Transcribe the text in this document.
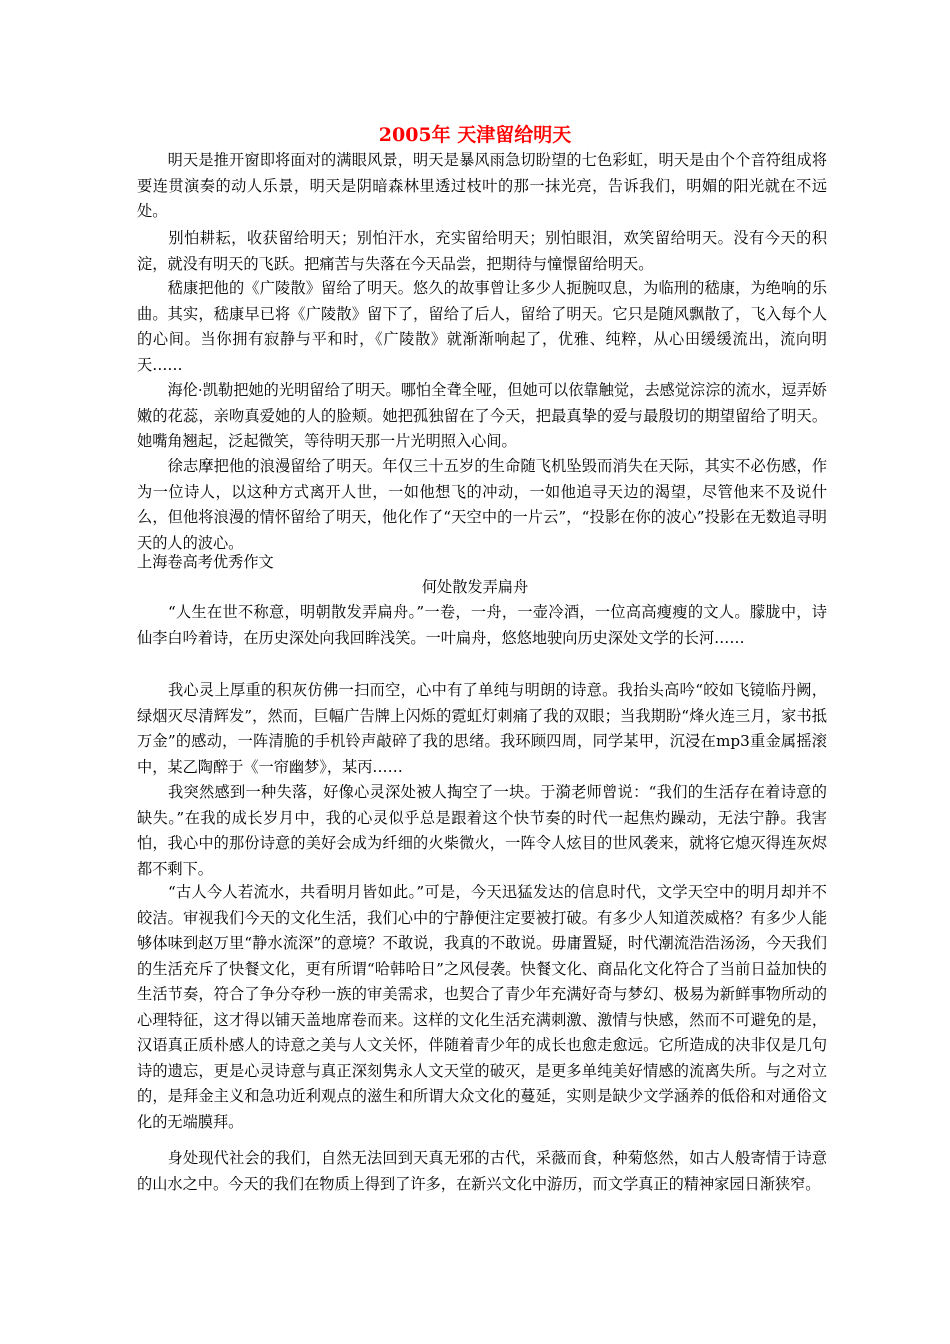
2005年 天津留给明天

　　明天是推开窗即将面对的满眼风景，明天是暴风雨急切盼望的七色彩虹，明天是由个个音符组成将要连贯演奏的动人乐景，明天是阴暗森林里透过枝叶的那一抹光亮，告诉我们，明媚的阳光就在不远处。

　　别怕耕耘，收获留给明天；别怕汗水，充实留给明天；别怕眼泪，欢笑留给明天。没有今天的积淀，就没有明天的飞跃。把痛苦与失落在今天品尝，把期待与憧憬留给明天。

　　嵇康把他的《广陵散》留给了明天。悠久的故事曾让多少人扼腕叹息，为临刑的嵇康，为绝响的乐曲。其实，嵇康早已将《广陵散》留下了，留给了后人，留给了明天。它只是随风飘散了，飞入每个人的心间。当你拥有寂静与平和时，《广陵散》就渐渐响起了，优雅、纯粹，从心田缓缓流出，流向明天……

　　海伦·凯勒把她的光明留给了明天。哪怕全聋全哑，但她可以依靠触觉，去感觉淙淙的流水，逗弄娇嫩的花蕊，亲吻真爱她的人的脸颊。她把孤独留在了今天，把最真挚的爱与最殷切的期望留给了明天。她嘴角翘起，泛起微笑，等待明天那一片光明照入心间。

　　徐志摩把他的浪漫留给了明天。年仅三十五岁的生命随飞机坠毁而消失在天际，其实不必伤感，作为一位诗人，以这种方式离开人世，一如他想飞的冲动，一如他追寻天边的渴望，尽管他来不及说什么，但他将浪漫的情怀留给了明天，他化作了“天空中的一片云”，“投影在你的波心”投影在无数追寻明天的人的波心。

上海卷高考优秀作文

何处散发弄扁舟

　　“人生在世不称意，明朝散发弄扁舟。”一卷，一舟，一壶冷酒，一位高高瘦瘦的文人。朦胧中，诗仙李白吟着诗，在历史深处向我回眸浅笑。一叶扁舟，悠悠地驶向历史深处文学的长河……

　　我心灵上厚重的积灰仿佛一扫而空，心中有了单纯与明朗的诗意。我抬头高吟“皎如飞镜临丹阙，绿烟灭尽清辉发”，然而，巨幅广告牌上闪烁的霓虹灯刺痛了我的双眼；当我期盼“烽火连三月，家书抵万金”的感动，一阵清脆的手机铃声敲碎了我的思绪。我环顾四周，同学某甲，沉浸在mp3重金属摇滚中，某乙陶醉于《一帘幽梦》，某丙……

　　我突然感到一种失落，好像心灵深处被人掏空了一块。于漪老师曾说：“我们的生活存在着诗意的缺失。”在我的成长岁月中，我的心灵似乎总是跟着这个快节奏的时代一起焦灼躁动，无法宁静。我害怕，我心中的那份诗意的美好会成为纤细的火柴微火，一阵令人炫目的世风袭来，就将它熄灭得连灰烬都不剩下。

　　“古人今人若流水，共看明月皆如此。”可是，今天迅猛发达的信息时代，文学天空中的明月却并不皎洁。审视我们今天的文化生活，我们心中的宁静便注定要被打破。有多少人知道茨威格？有多少人能够体味到赵万里“静水流深”的意境？不敢说，我真的不敢说。毋庸置疑，时代潮流浩浩汤汤，今天我们的生活充斥了快餐文化，更有所谓“哈韩哈日”之风侵袭。快餐文化、商品化文化符合了当前日益加快的生活节奏，符合了争分夺秒一族的审美需求，也契合了青少年充满好奇与梦幻、极易为新鲜事物所动的心理特征，这才得以铺天盖地席卷而来。这样的文化生活充满刺激、激情与快感，然而不可避免的是，汉语真正质朴感人的诗意之美与人文关怀，伴随着青少年的成长也愈走愈远。它所造成的决非仅是几句诗的遗忘，更是心灵诗意与真正深刻隽永人文天堂的破灭，是更多单纯美好情感的流离失所。与之对立的，是拜金主义和急功近利观点的滋生和所谓大众文化的蔓延，实则是缺少文学涵养的低俗和对通俗文化的无端膜拜。

　　身处现代社会的我们，自然无法回到天真无邪的古代，采薇而食，种菊悠然，如古人般寄情于诗意的山水之中。今天的我们在物质上得到了许多，在新兴文化中游历，而文学真正的精神家园日渐狭窄。
